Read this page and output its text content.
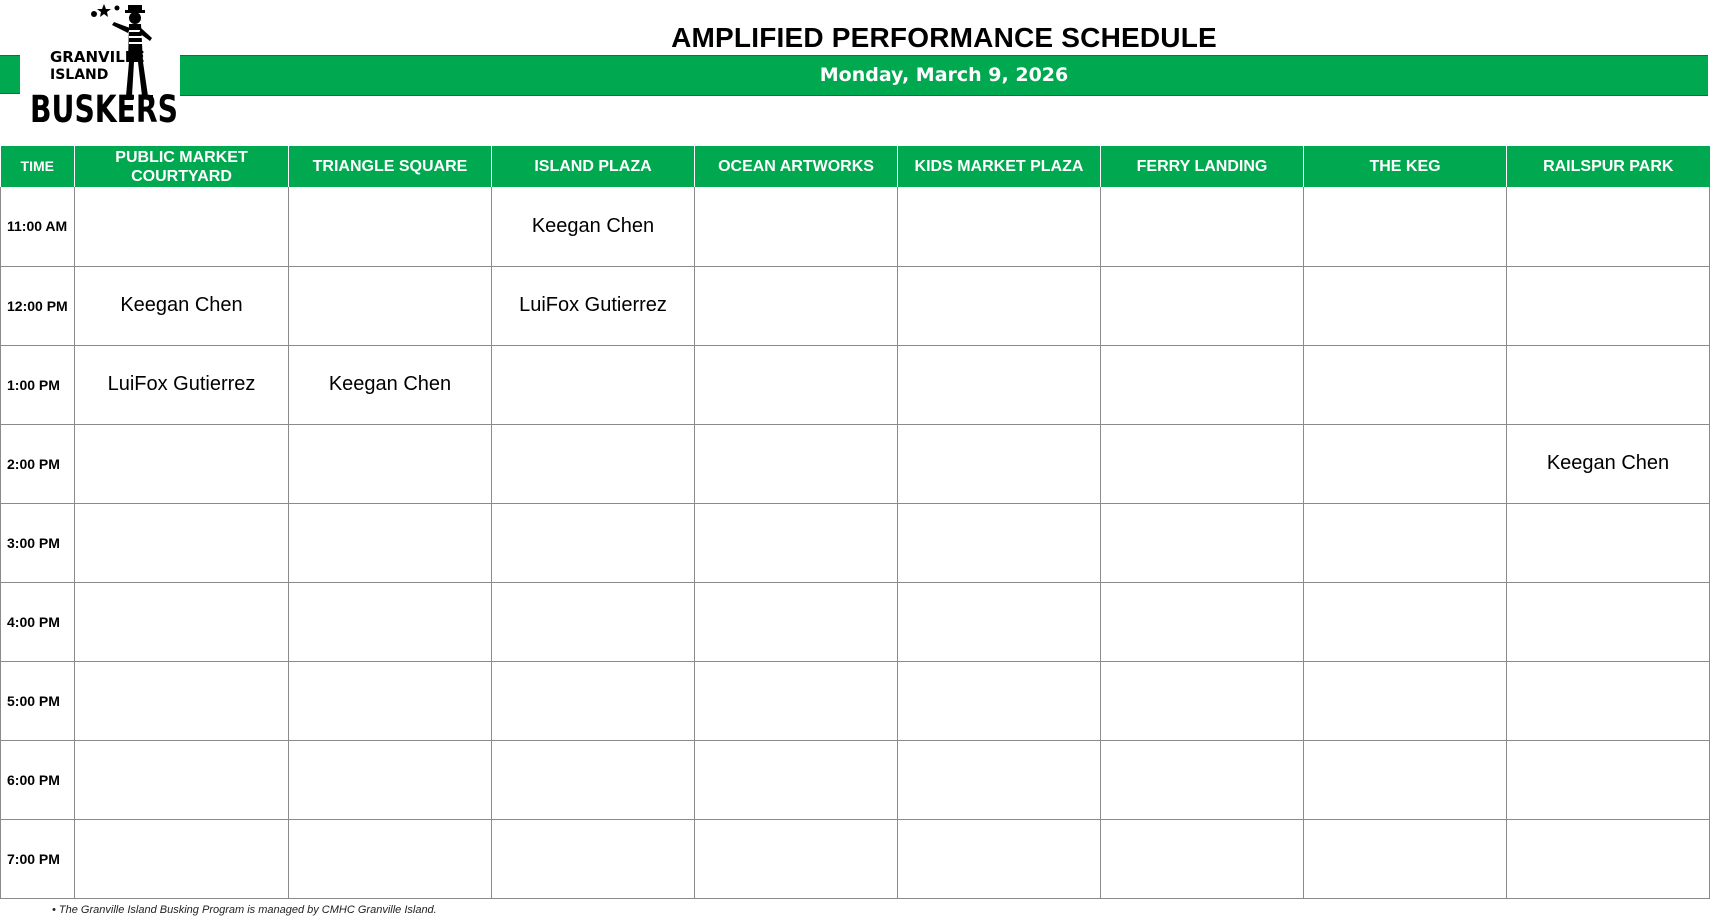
GRANVILLE
ISLAND
BUSKERS
AMPLIFIED PERFORMANCE SCHEDULE
Monday, March 9, 2026
TIME	PUBLIC MARKET COURTYARD	TRIANGLE SQUARE	ISLAND PLAZA	OCEAN ARTWORKS	KIDS MARKET PLAZA	FERRY LANDING	THE KEG	RAILSPUR PARK
11:00 AM			Keegan Chen					
12:00 PM	Keegan Chen		LuiFox Gutierrez					
1:00 PM	LuiFox Gutierrez	Keegan Chen						
2:00 PM								Keegan Chen
3:00 PM								
4:00 PM								
5:00 PM								
6:00 PM								
7:00 PM								
• The Granville Island Busking Program is managed by CMHC Granville Island.
